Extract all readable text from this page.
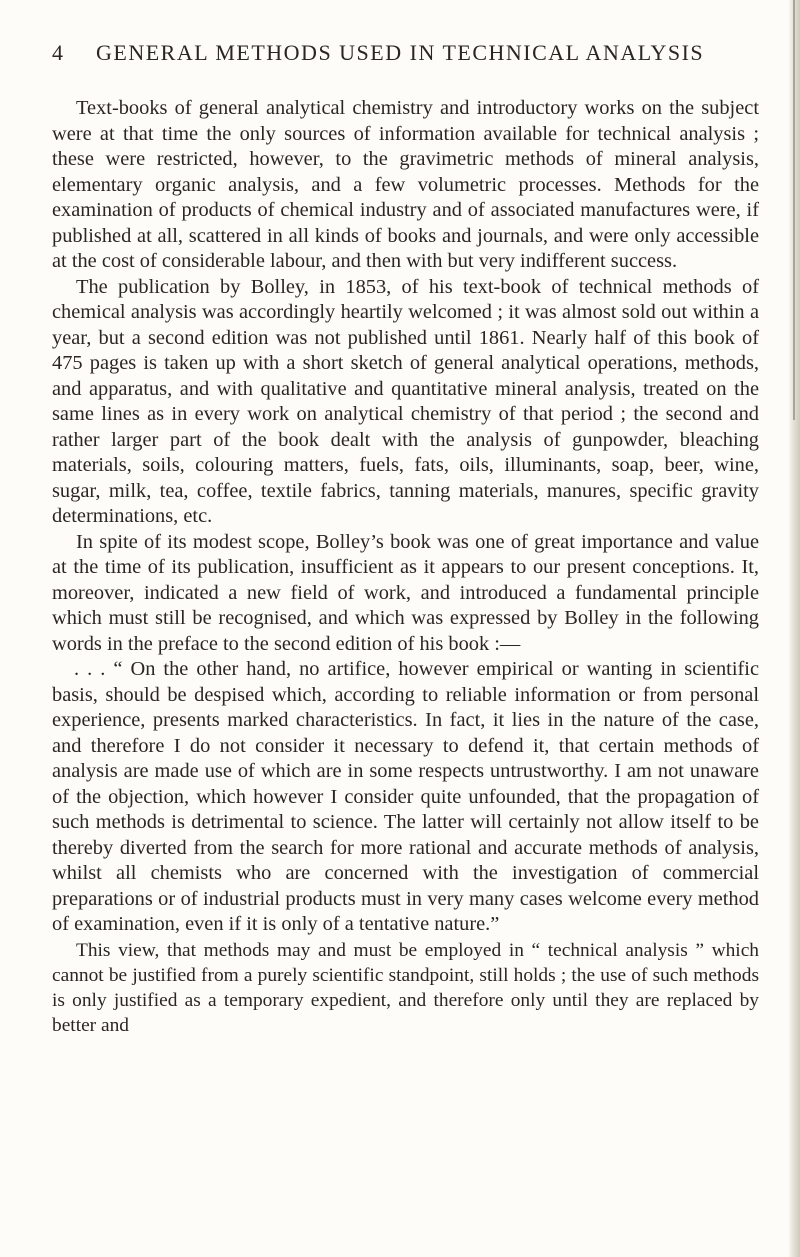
4 GENERAL METHODS USED IN TECHNICAL ANALYSIS

Text-books of general analytical chemistry and introductory works on the subject were at that time the only sources of information available for technical analysis ; these were restricted, however, to the gravimetric methods of mineral analysis, elementary organic analysis, and a few volumetric processes. Methods for the examination of products of chemical industry and of associated manufactures were, if published at all, scattered in all kinds of books and journals, and were only accessible at the cost of considerable labour, and then with but very indifferent success.

The publication by Bolley, in 1853, of his text-book of technical methods of chemical analysis was accordingly heartily welcomed ; it was almost sold out within a year, but a second edition was not published until 1861. Nearly half of this book of 475 pages is taken up with a short sketch of general analytical operations, methods, and apparatus, and with qualitative and quantitative mineral analysis, treated on the same lines as in every work on analytical chemistry of that period ; the second and rather larger part of the book dealt with the analysis of gunpowder, bleaching materials, soils, colouring matters, fuels, fats, oils, illuminants, soap, beer, wine, sugar, milk, tea, coffee, textile fabrics, tanning materials, manures, specific gravity determinations, etc.

In spite of its modest scope, Bolley’s book was one of great importance and value at the time of its publication, insufficient as it appears to our present conceptions. It, moreover, indicated a new field of work, and introduced a fundamental principle which must still be recognised, and which was expressed by Bolley in the following words in the preface to the second edition of his book :—

. . . “ On the other hand, no artifice, however empirical or wanting in scientific basis, should be despised which, according to reliable information or from personal experience, presents marked characteristics. In fact, it lies in the nature of the case, and therefore I do not consider it necessary to defend it, that certain methods of analysis are made use of which are in some respects untrustworthy. I am not unaware of the objection, which however I consider quite unfounded, that the propagation of such methods is detrimental to science. The latter will certainly not allow itself to be thereby diverted from the search for more rational and accurate methods of analysis, whilst all chemists who are concerned with the investigation of commercial preparations or of industrial products must in very many cases welcome every method of examination, even if it is only of a tentative nature.”

This view, that methods may and must be employed in “ technical analysis ” which cannot be justified from a purely scientific standpoint, still holds ; the use of such methods is only justified as a temporary expedient, and therefore only until they are replaced by better and
